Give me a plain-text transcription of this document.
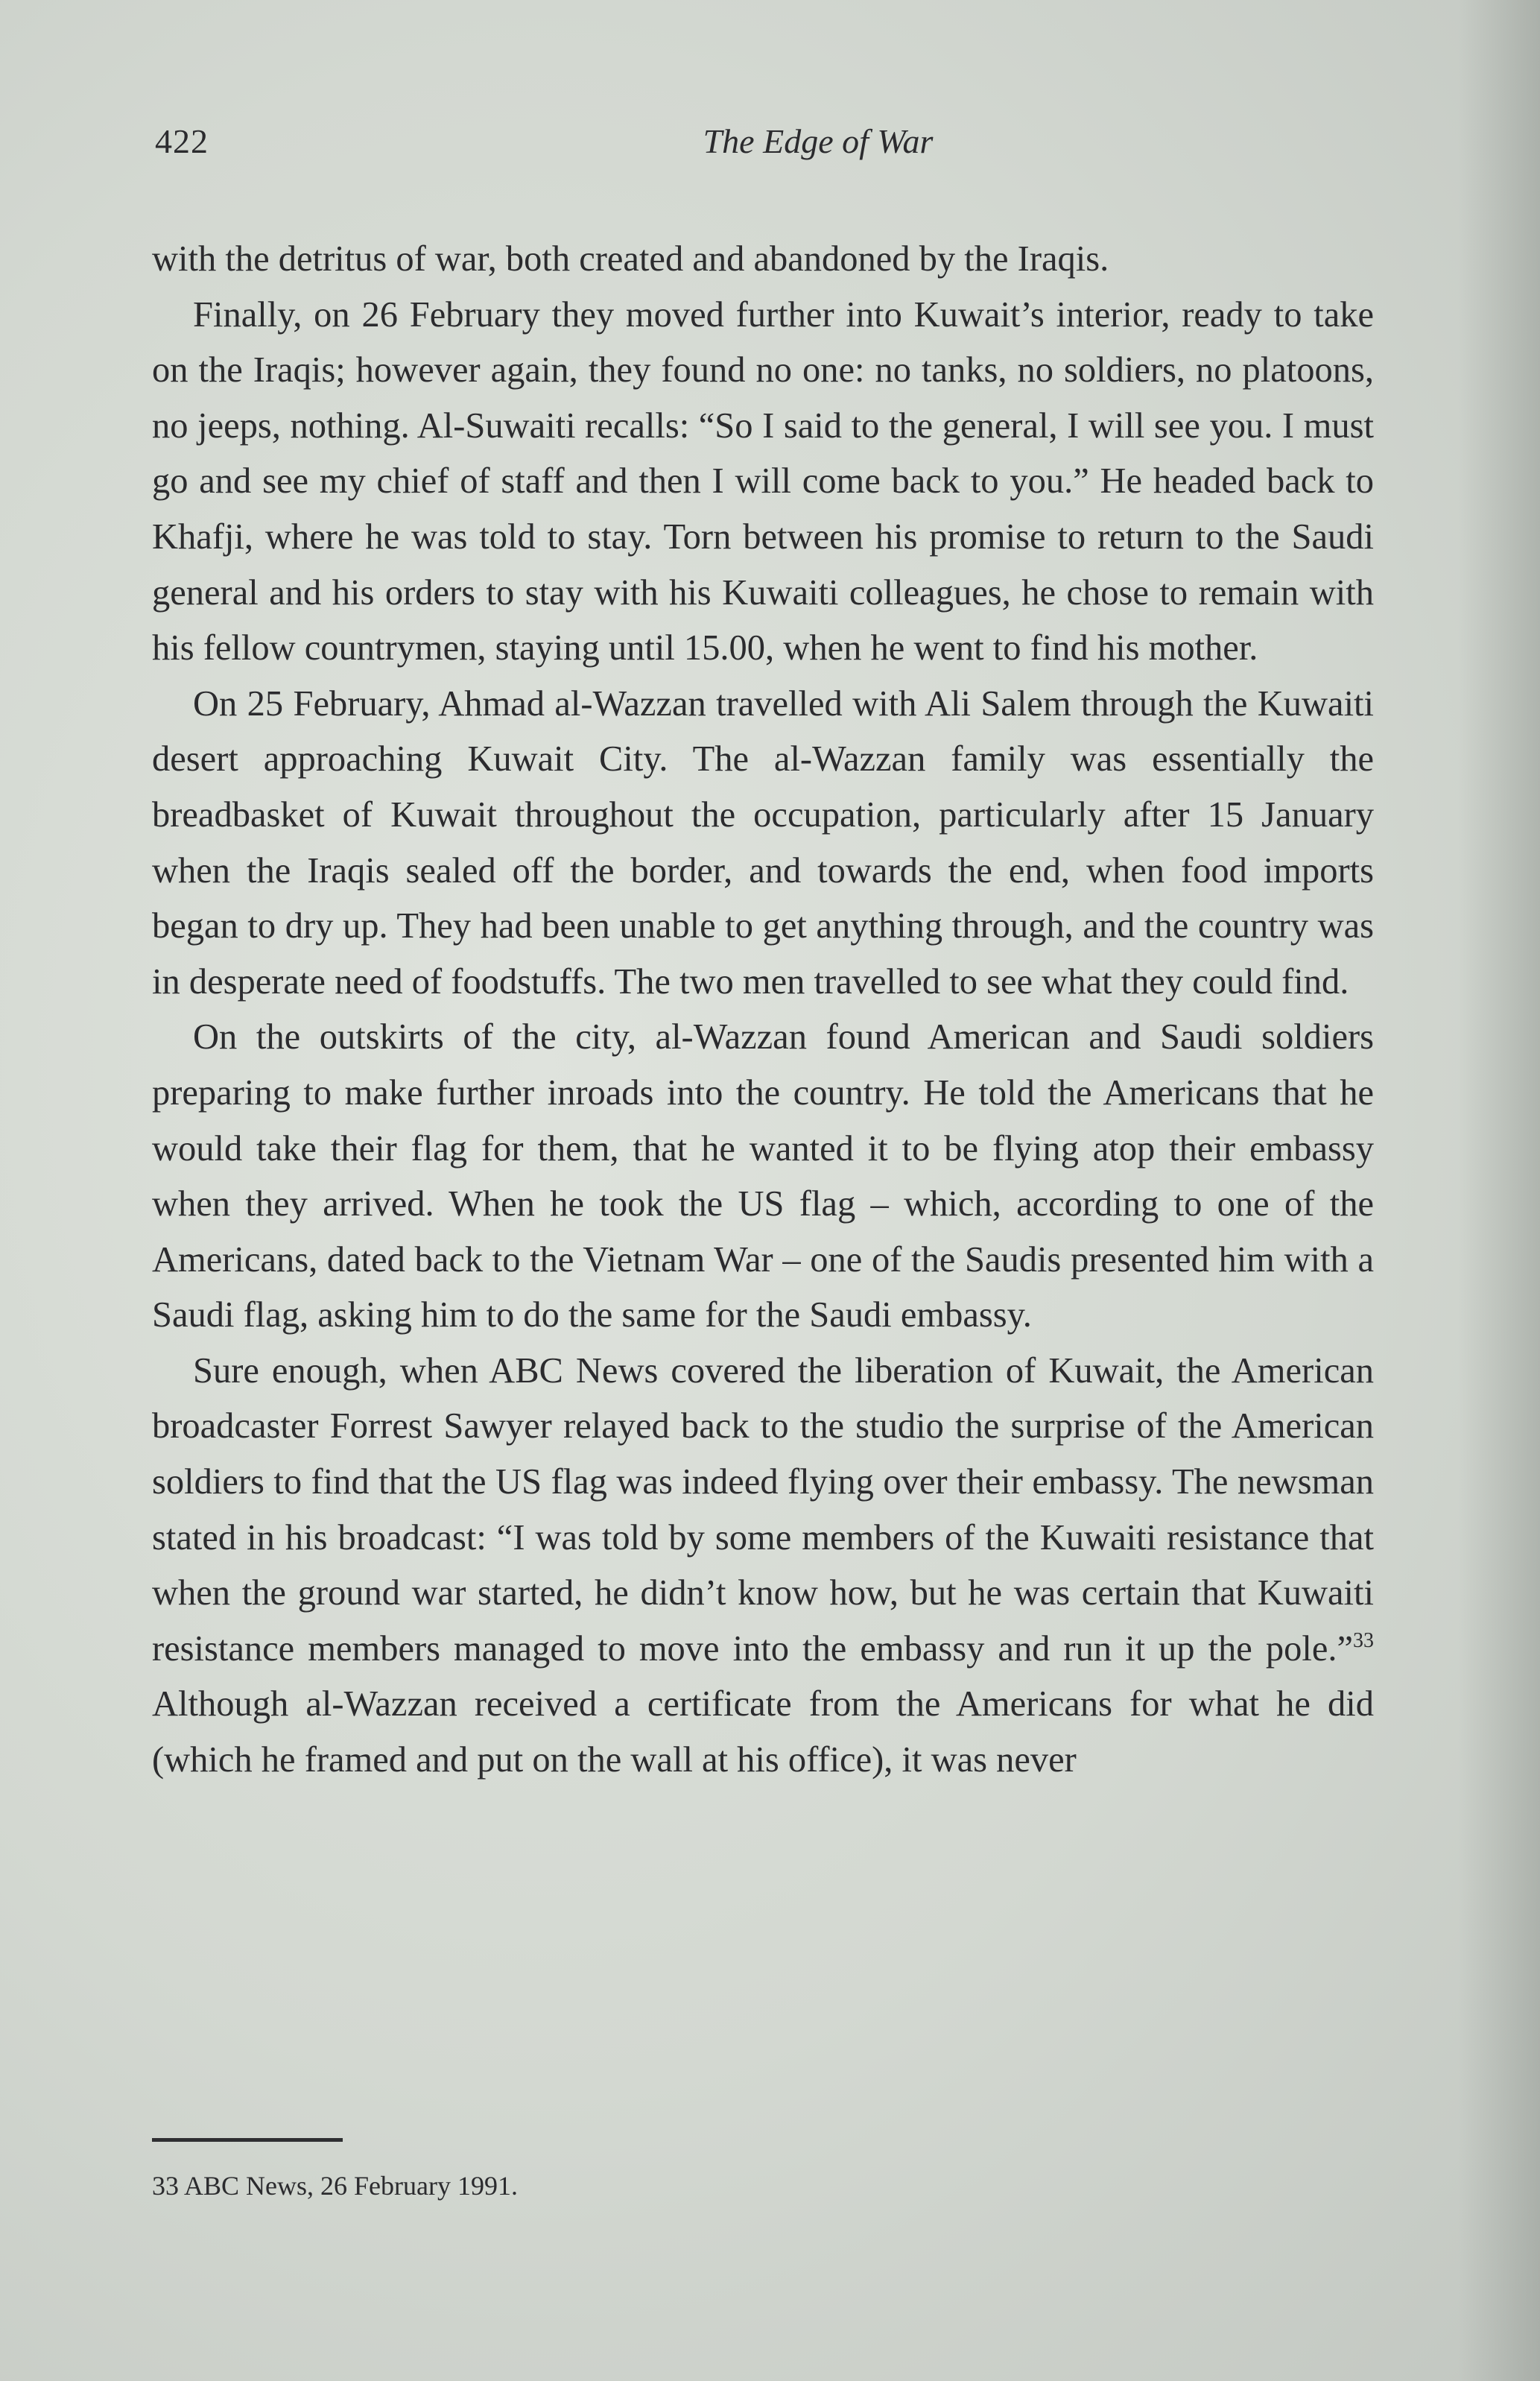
422	The Edge of War

with the detritus of war, both created and abandoned by the Iraqis.

Finally, on 26 February they moved further into Kuwait’s interior, ready to take on the Iraqis; however again, they found no one: no tanks, no soldiers, no platoons, no jeeps, nothing. Al-Suwaiti recalls: “So I said to the general, I will see you. I must go and see my chief of staff and then I will come back to you.” He headed back to Khafji, where he was told to stay. Torn between his promise to return to the Saudi general and his orders to stay with his Kuwaiti colleagues, he chose to remain with his fellow countrymen, staying until 15.00, when he went to find his mother.

On 25 February, Ahmad al-Wazzan travelled with Ali Salem through the Kuwaiti desert approaching Kuwait City. The al-Wazzan family was essentially the breadbasket of Kuwait throughout the occupation, particularly after 15 January when the Iraqis sealed off the border, and towards the end, when food imports began to dry up. They had been unable to get anything through, and the country was in desperate need of foodstuffs. The two men travelled to see what they could find.

On the outskirts of the city, al-Wazzan found American and Saudi soldiers preparing to make further inroads into the country. He told the Americans that he would take their flag for them, that he wanted it to be flying atop their embassy when they arrived. When he took the US flag – which, according to one of the Americans, dated back to the Vietnam War – one of the Saudis presented him with a Saudi flag, asking him to do the same for the Saudi embassy.

Sure enough, when ABC News covered the liberation of Kuwait, the American broadcaster Forrest Sawyer relayed back to the studio the surprise of the American soldiers to find that the US flag was indeed flying over their embassy. The newsman stated in his broadcast: “I was told by some members of the Kuwaiti resistance that when the ground war started, he didn’t know how, but he was certain that Kuwaiti resistance members managed to move into the embassy and run it up the pole.”$^{33}$ Although al-Wazzan received a certificate from the Americans for what he did (which he framed and put on the wall at his office), it was never

33 ABC News, 26 February 1991.
